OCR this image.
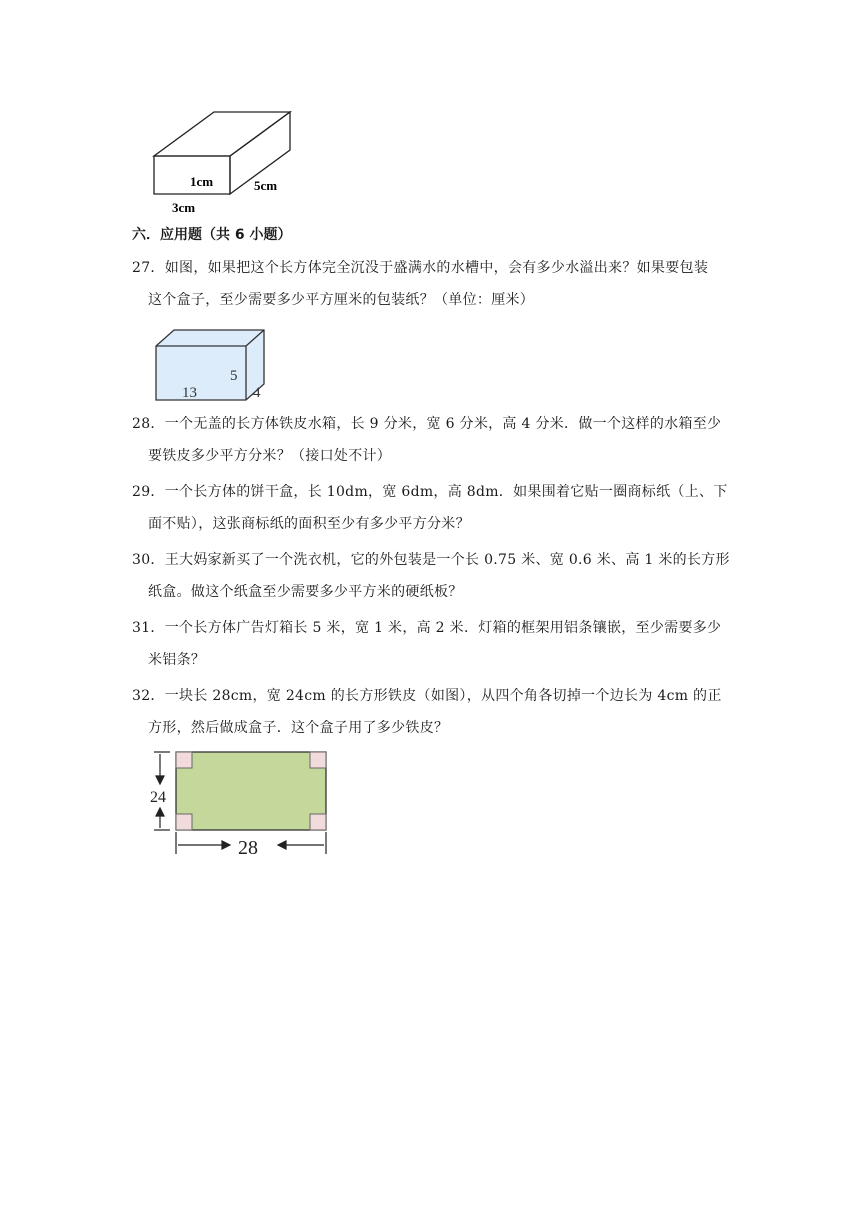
1cm	5cm
3cm
六．应用题（共 6 小题）
27．如图，如果把这个长方体完全沉没于盛满水的水槽中，会有多少水溢出来？如果要包装
这个盒子，至少需要多少平方厘米的包装纸？（单位：厘米）
13
5
4
28．一个无盖的长方体铁皮水箱，长 9 分米，宽 6 分米，高 4 分米．做一个这样的水箱至少
要铁皮多少平方分米？（接口处不计）
29．一个长方体的饼干盒，长 10dm，宽 6dm，高 8dm．如果围着它贴一圈商标纸（上、下
面不贴），这张商标纸的面积至少有多少平方分米？
30．王大妈家新买了一个洗衣机，它的外包装是一个长 0.75 米、宽 0.6 米、高 1 米的长方形
纸盒。做这个纸盒至少需要多少平方米的硬纸板？
31．一个长方体广告灯箱长 5 米，宽 1 米，高 2 米．灯箱的框架用铝条镶嵌，至少需要多少
米铝条？
32．一块长 28cm，宽 24cm 的长方形铁皮（如图），从四个角各切掉一个边长为 4cm 的正
方形，然后做成盒子．这个盒子用了多少铁皮？
24
28
